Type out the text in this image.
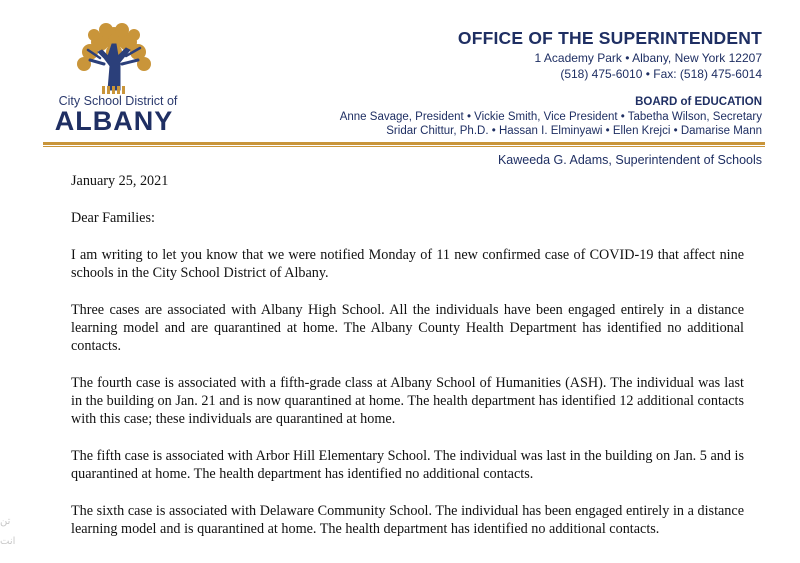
City School District of
ALBANY
OFFICE OF THE SUPERINTENDENT
1 Academy Park • Albany, New York 12207
(518) 475-6010 • Fax: (518) 475-6014
BOARD of EDUCATION
Anne Savage, President • Vickie Smith, Vice President • Tabetha Wilson, Secretary
Sridar Chittur, Ph.D. • Hassan I. Elminyawi • Ellen Krejci • Damarise Mann
Kaweeda G. Adams, Superintendent of Schools

January 25, 2021

Dear Families:

I am writing to let you know that we were notified Monday of 11 new confirmed case of COVID-19 that affect nine schools in the City School District of Albany.

Three cases are associated with Albany High School. All the individuals have been engaged entirely in a distance learning model and are quarantined at home. The Albany County Health Department has identified no additional contacts.

The fourth case is associated with a fifth-grade class at Albany School of Humanities (ASH). The individual was last in the building on Jan. 21 and is now quarantined at home. The health department has identified 12 additional contacts with this case; these individuals are quarantined at home.

The fifth case is associated with Arbor Hill Elementary School. The individual was last in the building on Jan. 5 and is quarantined at home. The health department has identified no additional contacts.

The sixth case is associated with Delaware Community School. The individual has been engaged entirely in a distance learning model and is quarantined at home. The health department has identified no additional contacts.

تن
انت
